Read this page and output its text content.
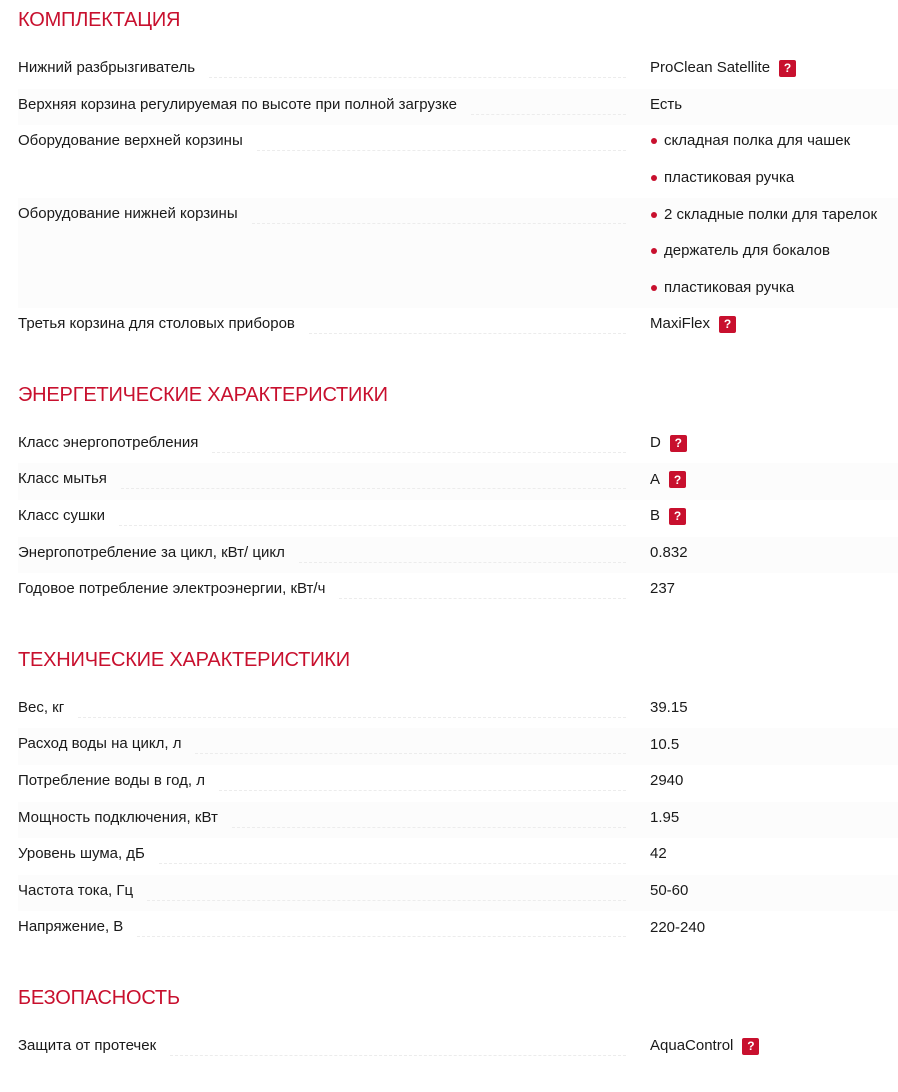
КОМПЛЕКТАЦИЯ
Нижний разбрызгиватель	ProClean Satellite	?
Верхняя корзина регулируемая по высоте при полной загрузке	Есть
Оборудование верхней корзины	складная полка для чашек
пластиковая ручка
Оборудование нижней корзины	2 складные полки для тарелок
держатель для бокалов
пластиковая ручка
Третья корзина для столовых приборов	MaxiFlex	?
ЭНЕРГЕТИЧЕСКИЕ ХАРАКТЕРИСТИКИ
Класс энергопотребления	D	?
Класс мытья	A	?
Класс сушки	B	?
Энергопотребление за цикл, кВт/ цикл	0.832
Годовое потребление электроэнергии, кВт/ч	237
ТЕХНИЧЕСКИЕ ХАРАКТЕРИСТИКИ
Вес, кг	39.15
Расход воды на цикл, л	10.5
Потребление воды в год, л	2940
Мощность подключения, кВт	1.95
Уровень шума, дБ	42
Частота тока, Гц	50-60
Напряжение, В	220-240
БЕЗОПАСНОСТЬ
Защита от протечек	AquaControl	?
